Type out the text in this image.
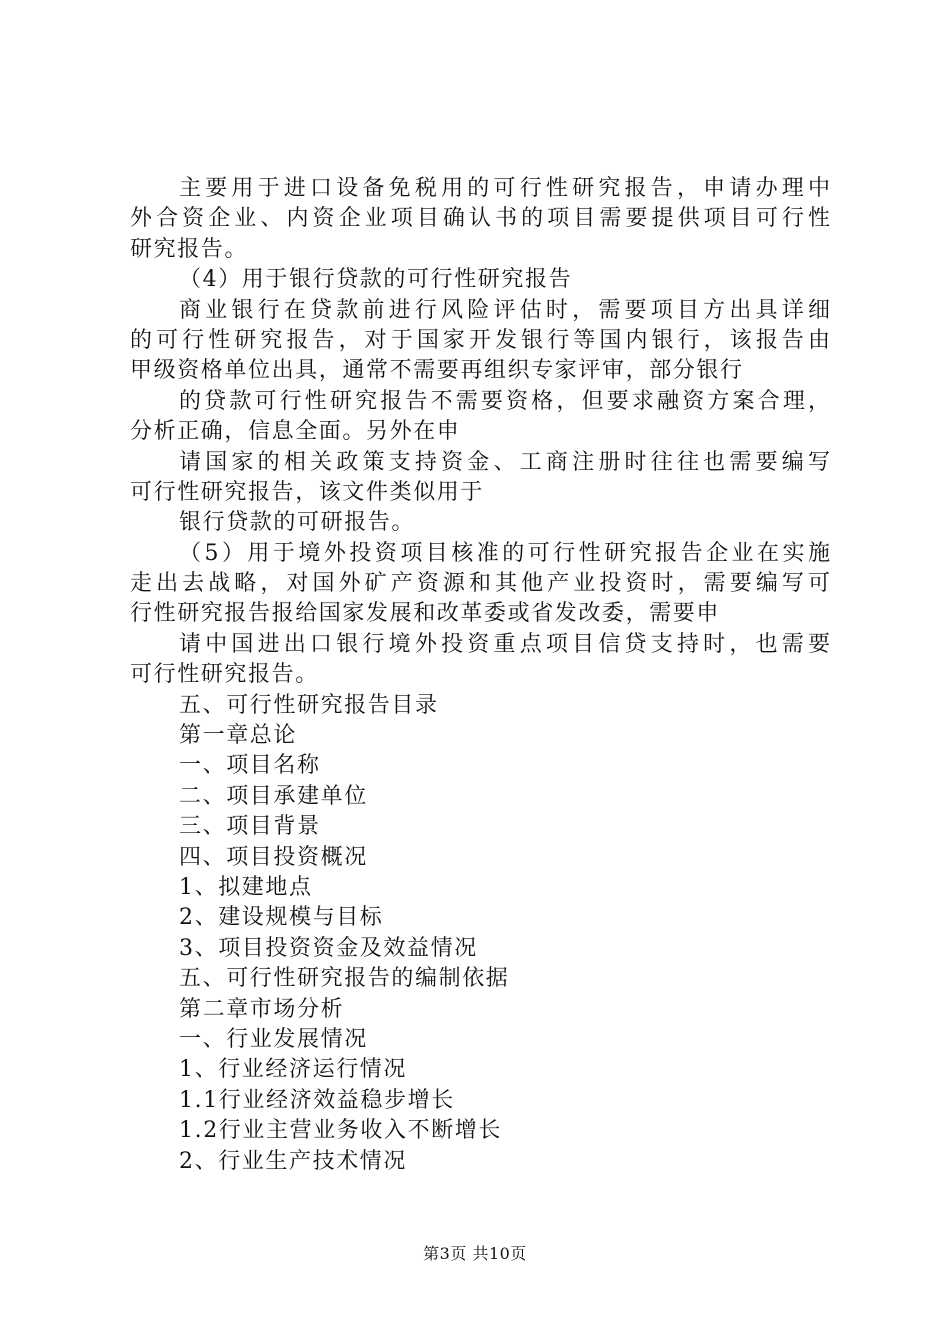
主要用于进口设备免税用的可行性研究报告，申请办理中
外合资企业、内资企业项目确认书的项目需要提供项目可行性
研究报告。
（4）用于银行贷款的可行性研究报告
商业银行在贷款前进行风险评估时，需要项目方出具详细
的可行性研究报告，对于国家开发银行等国内银行，该报告由
甲级资格单位出具，通常不需要再组织专家评审，部分银行
的贷款可行性研究报告不需要资格，但要求融资方案合理，
分析正确，信息全面。另外在申
请国家的相关政策支持资金、工商注册时往往也需要编写
可行性研究报告，该文件类似用于
银行贷款的可研报告。
（5）用于境外投资项目核准的可行性研究报告企业在实施
走出去战略，对国外矿产资源和其他产业投资时，需要编写可
行性研究报告报给国家发展和改革委或省发改委，需要申
请中国进出口银行境外投资重点项目信贷支持时，也需要
可行性研究报告。
五、可行性研究报告目录
第一章总论
一、项目名称
二、项目承建单位
三、项目背景
四、项目投资概况
1、拟建地点
2、建设规模与目标
3、项目投资资金及效益情况
五、可行性研究报告的编制依据
第二章市场分析
一、行业发展情况
1、行业经济运行情况
1.1行业经济效益稳步增长
1.2行业主营业务收入不断增长
2、行业生产技术情况
第3页 共10页
